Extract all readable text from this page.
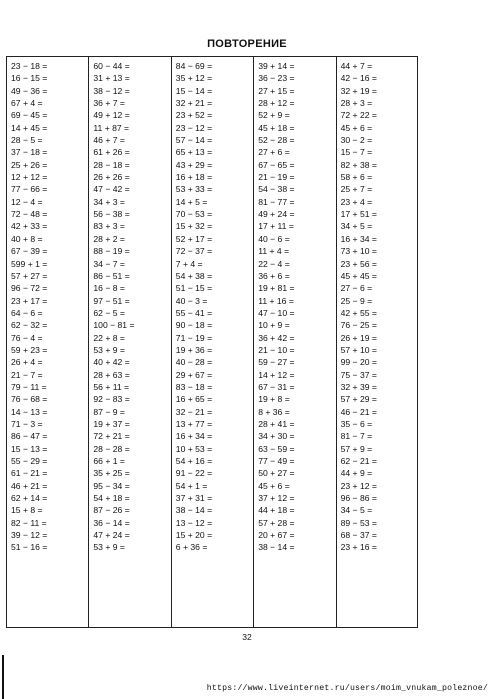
ПОВТОРЕНИЕ
23 − 18 =
16 − 15 =
49 − 36 =
67 + 4 =
69 − 45 =
14 + 45 =
28 − 5 =
37 − 18 =
25 + 26 =
12 + 12 =
77 − 66 =
12 − 4 =
72 − 48 =
42 + 33 =
40 + 8 =
67 − 39 =
599 + 1 =
57 + 27 =
96 − 72 =
23 + 17 =
64 − 6 =
62 − 32 =
76 − 4 =
59 + 23 =
26 + 4 =
21 − 7 =
79 − 11 =
76 − 68 =
14 − 13 =
71 − 3 =
86 − 47 =
15 − 13 =
55 − 29 =
61 − 21 =
46 + 21 =
62 + 14 =
15 + 8 =
82 − 11 =
39 − 12 =
51 − 16 =
60 − 44 =
31 + 13 =
38 − 12 =
36 + 7 =
49 + 12 =
11 + 87 =
46 + 7 =
61 + 26 =
28 − 18 =
26 + 26 =
47 − 42 =
34 + 3 =
56 − 38 =
83 + 3 =
28 + 2 =
88 − 19 =
34 − 7 =
86 − 51 =
16 − 8 =
97 − 51 =
62 − 5 =
100 − 81 =
22 + 8 =
53 + 9 =
40 + 42 =
28 + 63 =
56 + 11 =
92 − 83 =
87 − 9 =
19 + 37 =
72 + 21 =
28 − 28 =
66 + 1 =
35 + 25 =
95 − 34 =
54 + 18 =
87 − 26 =
36 − 14 =
47 + 24 =
53 + 9 =
84 − 69 =
35 + 12 =
15 − 14 =
32 + 21 =
23 + 52 =
23 − 12 =
57 − 14 =
65 + 13 =
43 + 29 =
16 + 18 =
53 + 33 =
14 + 5 =
70 − 53 =
15 + 32 =
52 + 17 =
72 − 37 =
7 + 4 =
54 + 38 =
51 − 15 =
40 − 3 =
55 − 41 =
90 − 18 =
71 − 19 =
19 + 36 =
40 − 28 =
29 + 67 =
83 − 18 =
16 + 65 =
32 − 21 =
13 + 77 =
16 + 34 =
10 + 53 =
54 + 16 =
91 − 22 =
54 + 1 =
37 + 31 =
38 − 14 =
13 − 12 =
15 + 20 =
6 + 36 =
39 + 14 =
36 − 23 =
27 + 15 =
28 + 12 =
52 + 9 =
45 + 18 =
52 − 28 =
27 + 6 =
67 − 65 =
21 − 19 =
54 − 38 =
81 − 77 =
49 + 24 =
17 + 11 =
40 − 6 =
11 + 4 =
22 − 4 =
36 + 6 =
19 + 81 =
11 + 16 =
47 − 10 =
10 + 9 =
36 + 42 =
21 − 10 =
59 − 27 =
14 + 12 =
67 − 31 =
19 + 8 =
8 + 36 =
28 + 41 =
34 + 30 =
63 − 59 =
77 − 49 =
50 + 27 =
45 + 6 =
37 + 12 =
44 + 18 =
57 + 28 =
20 + 67 =
38 − 14 =
44 + 7 =
42 − 16 =
32 + 19 =
28 + 3 =
72 + 22 =
45 + 6 =
30 − 2 =
15 − 7 =
82 + 38 =
58 + 6 =
25 + 7 =
23 + 4 =
17 + 51 =
34 + 5 =
16 + 34 =
73 + 10 =
23 + 56 =
45 + 45 =
27 − 6 =
25 − 9 =
42 + 55 =
76 − 25 =
26 + 19 =
57 + 10 =
99 − 20 =
75 − 37 =
32 + 39 =
57 + 29 =
46 − 21 =
35 − 6 =
81 − 7 =
57 + 9 =
62 − 21 =
44 + 9 =
23 + 12 =
96 − 86 =
34 − 5 =
89 − 53 =
68 − 37 =
23 + 16 =
32
https://www.liveinternet.ru/users/moim_vnukam_poleznoe/
